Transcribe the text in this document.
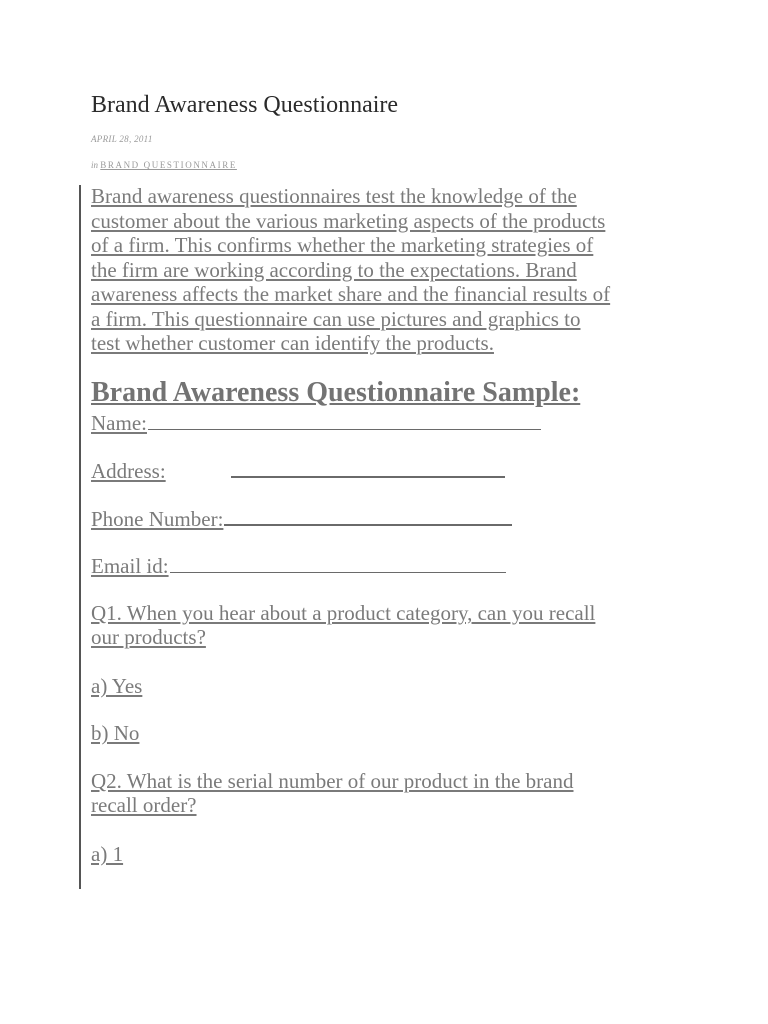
Brand Awareness Questionnaire
APRIL 28, 2011
in BRAND QUESTIONNAIRE

Brand awareness questionnaires test the knowledge of the
customer about the various marketing aspects of the products
of a firm. This confirms whether the marketing strategies of
the firm are working according to the expectations. Brand
awareness affects the market share and the financial results of
a firm. This questionnaire can use pictures and graphics to
test whether customer can identify the products.

Brand Awareness Questionnaire Sample:
Name:
Address:
Phone Number:
Email id:
Q1. When you hear about a product category, can you recall
our products?
a) Yes
b) No
Q2. What is the serial number of our product in the brand
recall order?
a) 1
